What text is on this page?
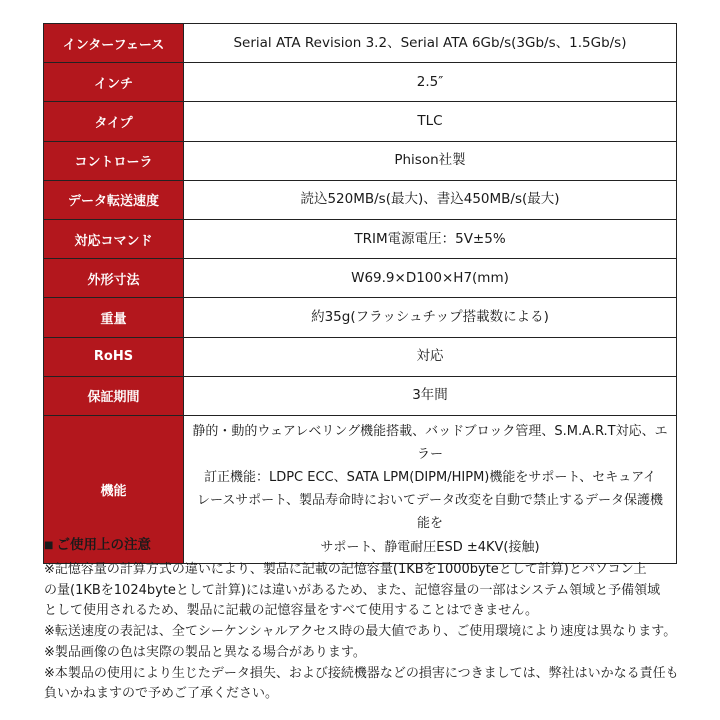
インターフェース	Serial ATA Revision 3.2、Serial ATA 6Gb/s(3Gb/s、1.5Gb/s)
インチ	2.5″
タイプ	TLC
コントローラ	Phison社製
データ転送速度	読込520MB/s(最大)、書込450MB/s(最大)
対応コマンド	TRIM電源電圧：5V±5%
外形寸法	W69.9×D100×H7(mm)
重量	約35g(フラッシュチップ搭載数による)
RoHS	対応
保証期間	3年間
機能	静的・動的ウェアレベリング機能搭載、バッドブロック管理、S.M.A.R.T対応、エラー
訂正機能：LDPC ECC、SATA LPM(DIPM/HIPM)機能をサポート、セキュアイ
レースサポート、製品寿命時においてデータ改変を自動で禁止するデータ保護機能を
サポート、静電耐圧ESD ±4KV(接触)

■ ご使用上の注意

※記憶容量の計算方式の違いにより、製品に記載の記憶容量(1KBを1000byteとして計算)とパソコン上

の量(1KBを1024byteとして計算)には違いがあるため、また、記憶容量の一部はシステム領域と予備領域

として使用されるため、製品に記載の記憶容量をすべて使用することはできません。

※転送速度の表記は、全てシーケンシャルアクセス時の最大値であり、ご使用環境により速度は異なります。

※製品画像の色は実際の製品と異なる場合があります。

※本製品の使用により生じたデータ損失、および接続機器などの損害につきましては、弊社はいかなる責任も

負いかねますので予めご了承ください。
